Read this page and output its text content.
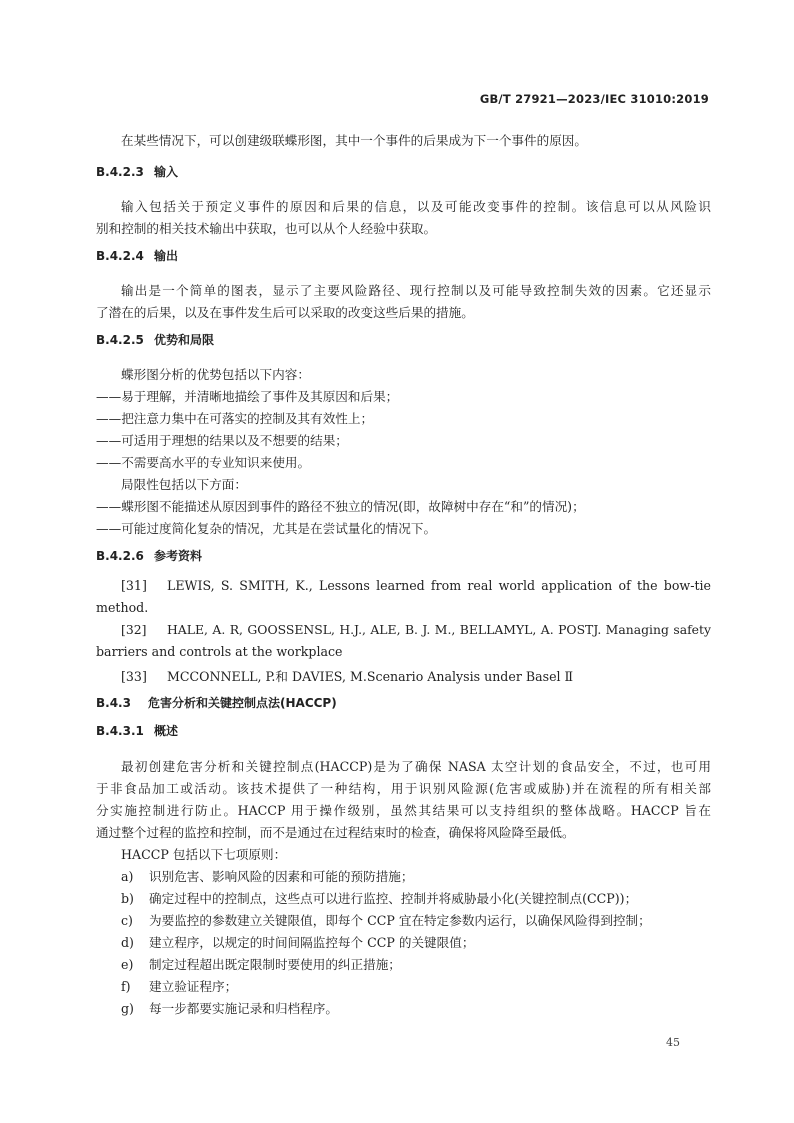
GB/T 27921—2023/IEC 31010:2019
在某些情况下，可以创建级联蝶形图，其中一个事件的后果成为下一个事件的原因。
B.4.2.3 输入
输入包括关于预定义事件的原因和后果的信息，以及可能改变事件的控制。该信息可以从风险识
别和控制的相关技术输出中获取，也可以从个人经验中获取。
B.4.2.4 输出
输出是一个简单的图表，显示了主要风险路径、现行控制以及可能导致控制失效的因素。它还显示
了潜在的后果，以及在事件发生后可以采取的改变这些后果的措施。
B.4.2.5 优势和局限
蝶形图分析的优势包括以下内容：
——易于理解，并清晰地描绘了事件及其原因和后果；
——把注意力集中在可落实的控制及其有效性上；
——可适用于理想的结果以及不想要的结果；
——不需要高水平的专业知识来使用。
局限性包括以下方面：
——蝶形图不能描述从原因到事件的路径不独立的情况(即，故障树中存在“和”的情况)；
——可能过度简化复杂的情况，尤其是在尝试量化的情况下。
B.4.2.6 参考资料
[31] LEWIS, S. SMITH, K., Lessons learned from real world application of the bow-tie
method.
[32] HALE, A. R, GOOSSENSL, H.J., ALE, B. J. M., BELLAMYL, A. POSTJ. Managing safety
barriers and controls at the workplace
[33] MCCONNELL, P.和 DAVIES, M.Scenario Analysis under Basel Ⅱ
B.4.3 危害分析和关键控制点法(HACCP)
B.4.3.1 概述
最初创建危害分析和关键控制点(HACCP)是为了确保 NASA 太空计划的食品安全，不过，也可用
于非食品加工或活动。该技术提供了一种结构，用于识别风险源(危害或威胁)并在流程的所有相关部
分实施控制进行防止。HACCP 用于操作级别，虽然其结果可以支持组织的整体战略。HACCP 旨在
通过整个过程的监控和控制，而不是通过在过程结束时的检查，确保将风险降至最低。
HACCP 包括以下七项原则：
a) 识别危害、影响风险的因素和可能的预防措施；
b) 确定过程中的控制点，这些点可以进行监控、控制并将威胁最小化(关键控制点(CCP))；
c) 为要监控的参数建立关键限值，即每个 CCP 宜在特定参数内运行，以确保风险得到控制；
d) 建立程序，以规定的时间间隔监控每个 CCP 的关键限值；
e) 制定过程超出既定限制时要使用的纠正措施；
f) 建立验证程序；
g) 每一步都要实施记录和归档程序。
45
